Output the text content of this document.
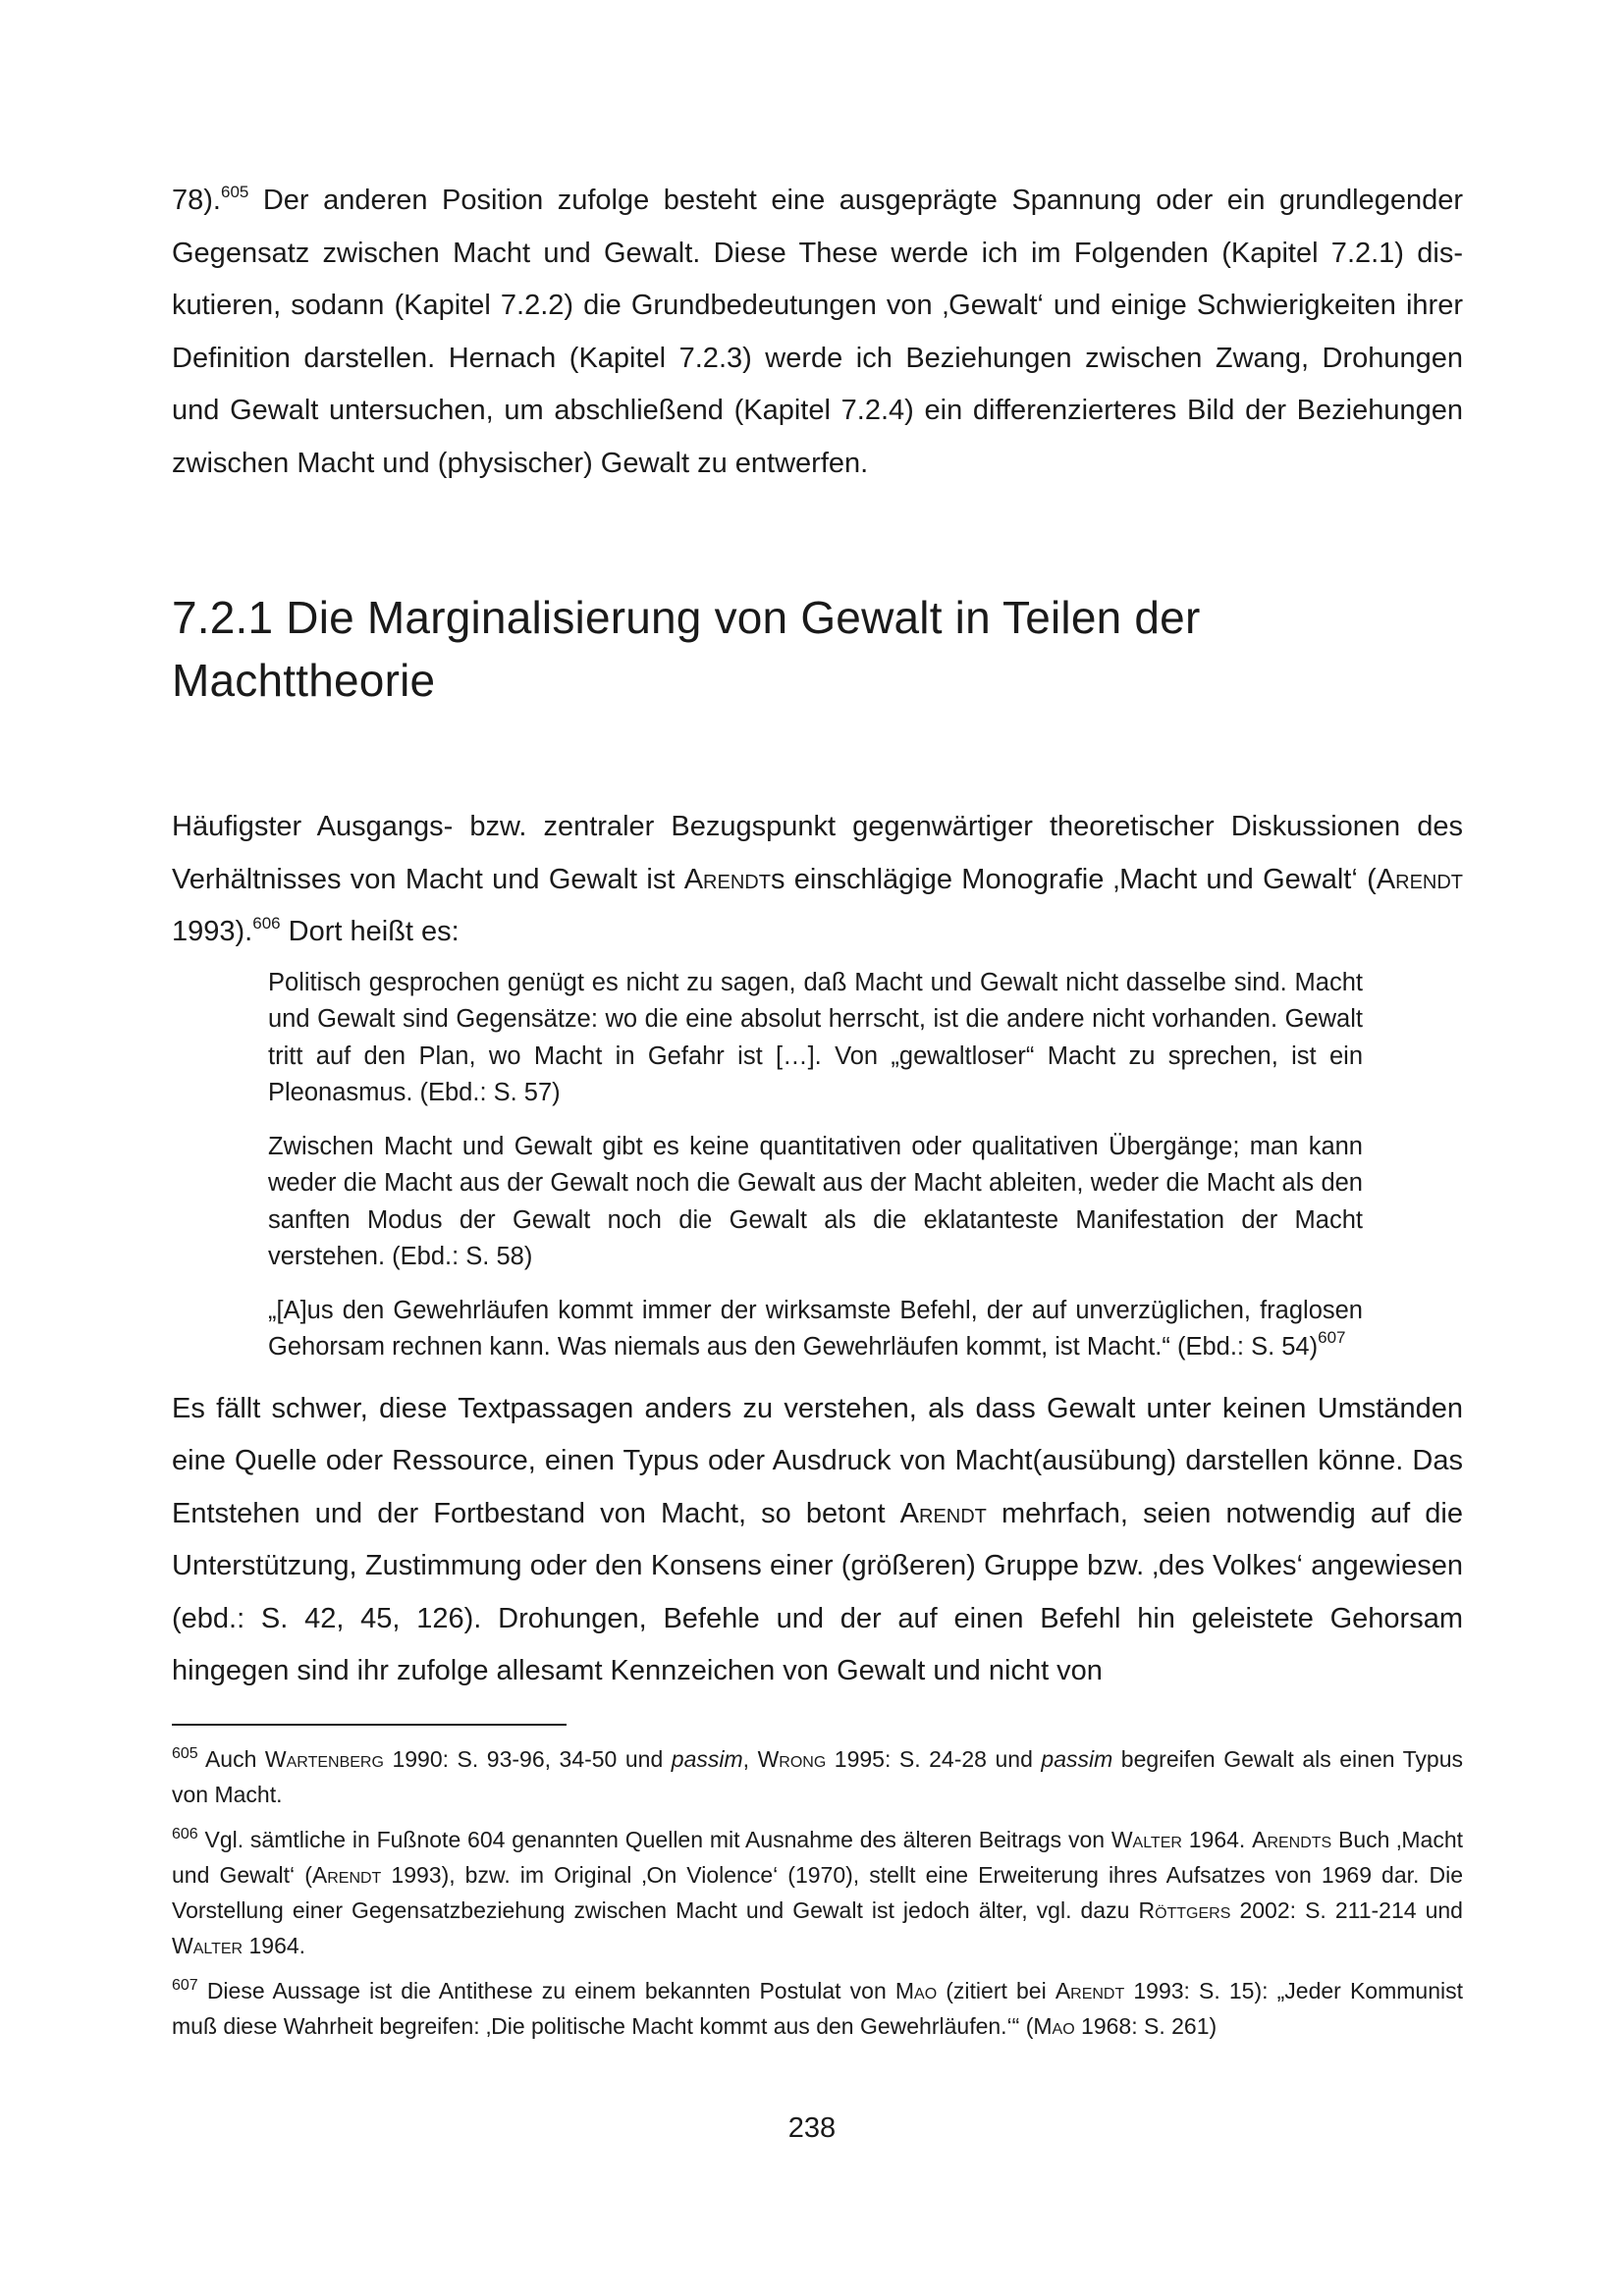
78).$^{605}$ Der anderen Position zufolge besteht eine ausgeprägte Spannung oder ein grundlegender Gegensatz zwischen Macht und Gewalt. Diese These werde ich im Folgenden (Kapitel 7.2.1) diskutieren, sodann (Kapitel 7.2.2) die Grundbedeutungen von ‚Gewalt‘ und einige Schwierigkeiten ihrer Definition darstellen. Hernach (Kapitel 7.2.3) werde ich Beziehungen zwischen Zwang, Drohungen und Gewalt untersuchen, um abschließend (Kapitel 7.2.4) ein differenzierteres Bild der Beziehungen zwischen Macht und (physischer) Gewalt zu entwerfen.

7.2.1 Die Marginalisierung von Gewalt in Teilen der Machttheorie

Häufigster Ausgangs- bzw. zentraler Bezugspunkt gegenwärtiger theoretischer Diskussionen des Verhältnisses von Macht und Gewalt ist Arendts einschlägige Monografie ‚Macht und Gewalt‘ (Arendt 1993).$^{606}$ Dort heißt es:

Politisch gesprochen genügt es nicht zu sagen, daß Macht und Gewalt nicht dasselbe sind. Macht und Gewalt sind Gegensätze: wo die eine absolut herrscht, ist die andere nicht vorhanden. Gewalt tritt auf den Plan, wo Macht in Gefahr ist […]. Von „gewaltloser“ Macht zu sprechen, ist ein Pleonasmus. (Ebd.: S. 57)

Zwischen Macht und Gewalt gibt es keine quantitativen oder qualitativen Übergänge; man kann weder die Macht aus der Gewalt noch die Gewalt aus der Macht ableiten, weder die Macht als den sanften Modus der Gewalt noch die Gewalt als die eklatanteste Manifestation der Macht verstehen. (Ebd.: S. 58)

„[A]us den Gewehrläufen kommt immer der wirksamste Befehl, der auf unverzüglichen, fraglosen Gehorsam rechnen kann. Was niemals aus den Gewehrläufen kommt, ist Macht.“ (Ebd.: S. 54)$^{607}$

Es fällt schwer, diese Textpassagen anders zu verstehen, als dass Gewalt unter keinen Umständen eine Quelle oder Ressource, einen Typus oder Ausdruck von Macht(ausübung) darstellen könne. Das Entstehen und der Fortbestand von Macht, so betont Arendt mehrfach, seien notwendig auf die Unterstützung, Zustimmung oder den Konsens einer (größeren) Gruppe bzw. ‚des Volkes‘ angewiesen (ebd.: S. 42, 45, 126). Drohungen, Befehle und der auf einen Befehl hin geleistete Gehorsam hingegen sind ihr zufolge allesamt Kennzeichen von Gewalt und nicht von

$^{605}$ Auch Wartenberg 1990: S. 93-96, 34-50 und passim, Wrong 1995: S. 24-28 und passim begreifen Gewalt als einen Typus von Macht.

$^{606}$ Vgl. sämtliche in Fußnote 604 genannten Quellen mit Ausnahme des älteren Beitrags von Walter 1964. Arendts Buch ‚Macht und Gewalt‘ (Arendt 1993), bzw. im Original ‚On Violence‘ (1970), stellt eine Erweiterung ihres Aufsatzes von 1969 dar. Die Vorstellung einer Gegensatzbeziehung zwischen Macht und Gewalt ist jedoch älter, vgl. dazu Röttgers 2002: S. 211-214 und Walter 1964.

$^{607}$ Diese Aussage ist die Antithese zu einem bekannten Postulat von Mao (zitiert bei Arendt 1993: S. 15): „Jeder Kommunist muß diese Wahrheit begreifen: ‚Die politische Macht kommt aus den Gewehrläufen.‘“ (Mao 1968: S. 261)

238
